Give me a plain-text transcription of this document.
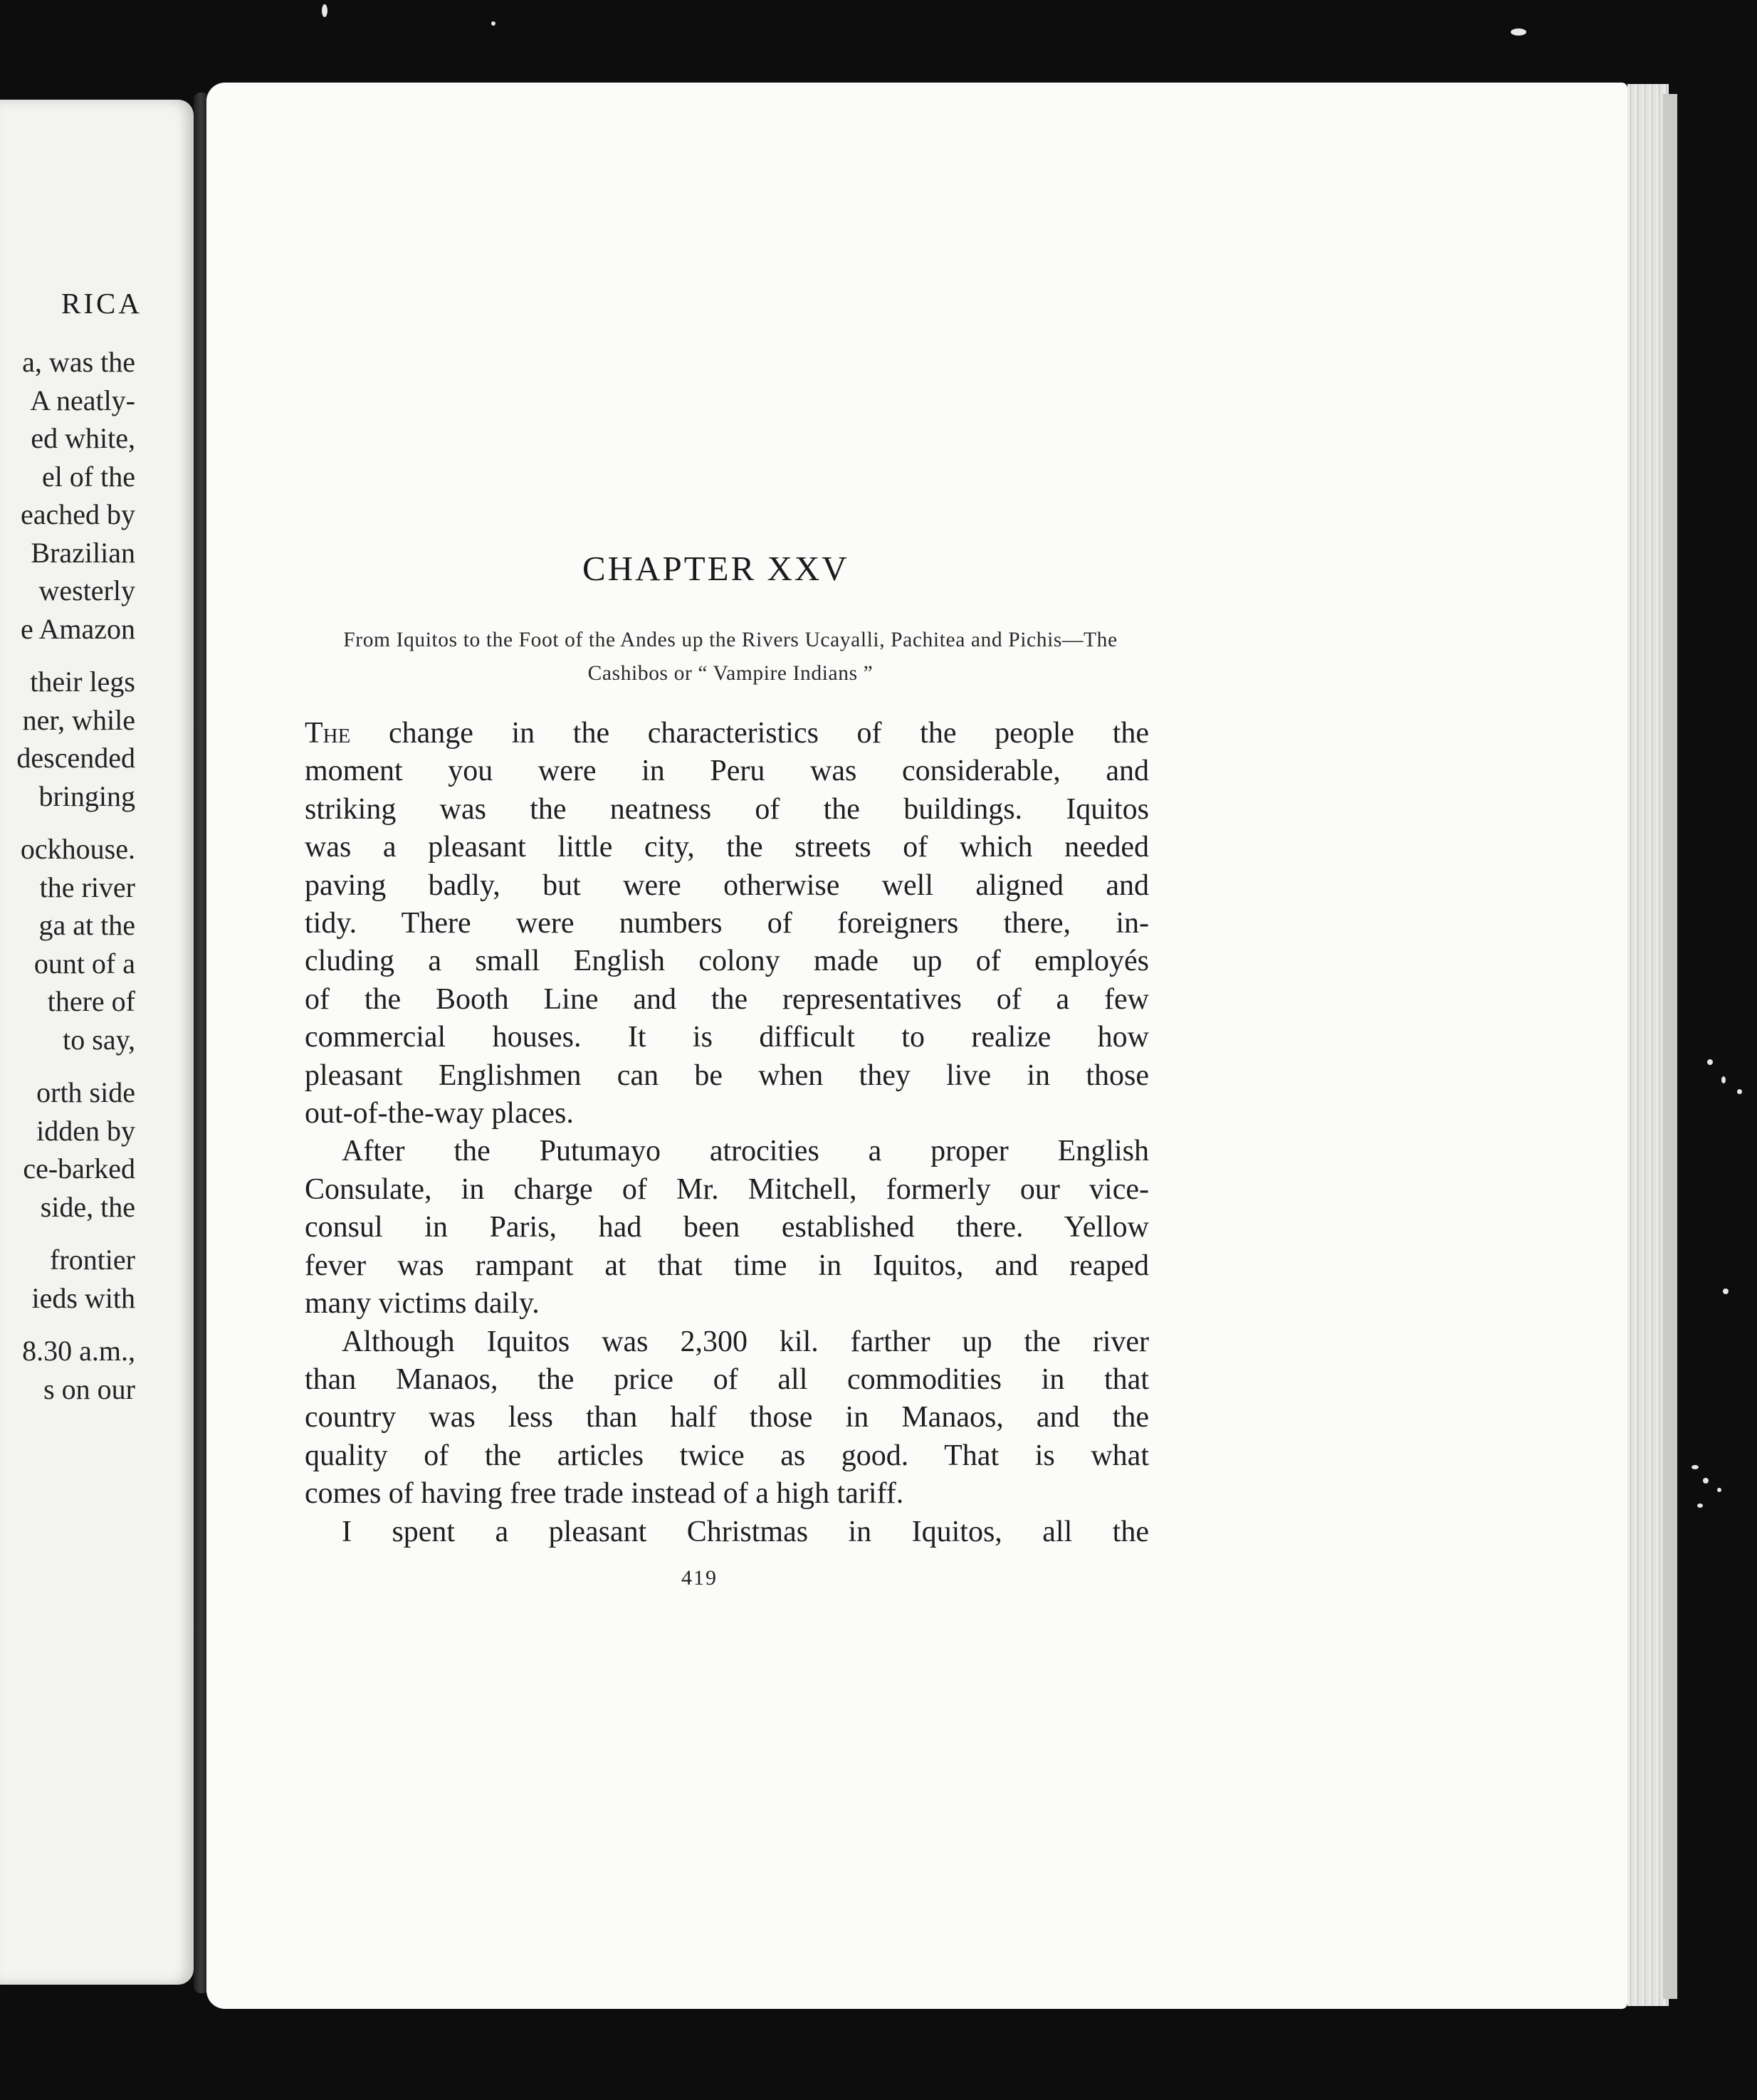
RICA
a, was the
A neatly-
ed white,
el of the
eached by
Brazilian
westerly
e Amazon
their legs
ner, while
descended
bringing
ockhouse.
the river
ga at the
ount of a
there of
to say,
orth side
idden by
ce-barked
side, the
frontier
ieds with
8.30 a.m.,
s on our
CHAPTER XXV

From Iquitos to the Foot of the Andes up the Rivers Ucayalli, Pachitea and Pichis—The Cashibos or “ Vampire Indians ”

The change in the characteristics of the people the
moment you were in Peru was considerable, and
striking was the neatness of the buildings. Iquitos
was a pleasant little city, the streets of which needed
paving badly, but were otherwise well aligned and
tidy. There were numbers of foreigners there, in-
cluding a small English colony made up of employés
of the Booth Line and the representatives of a few
commercial houses. It is difficult to realize how
pleasant Englishmen can be when they live in those
out-of-the-way places.
After the Putumayo atrocities a proper English
Consulate, in charge of Mr. Mitchell, formerly our vice-
consul in Paris, had been established there. Yellow
fever was rampant at that time in Iquitos, and reaped
many victims daily.
Although Iquitos was 2,300 kil. farther up the river
than Manaos, the price of all commodities in that
country was less than half those in Manaos, and the
quality of the articles twice as good. That is what
comes of having free trade instead of a high tariff.
I spent a pleasant Christmas in Iquitos, all the
419
